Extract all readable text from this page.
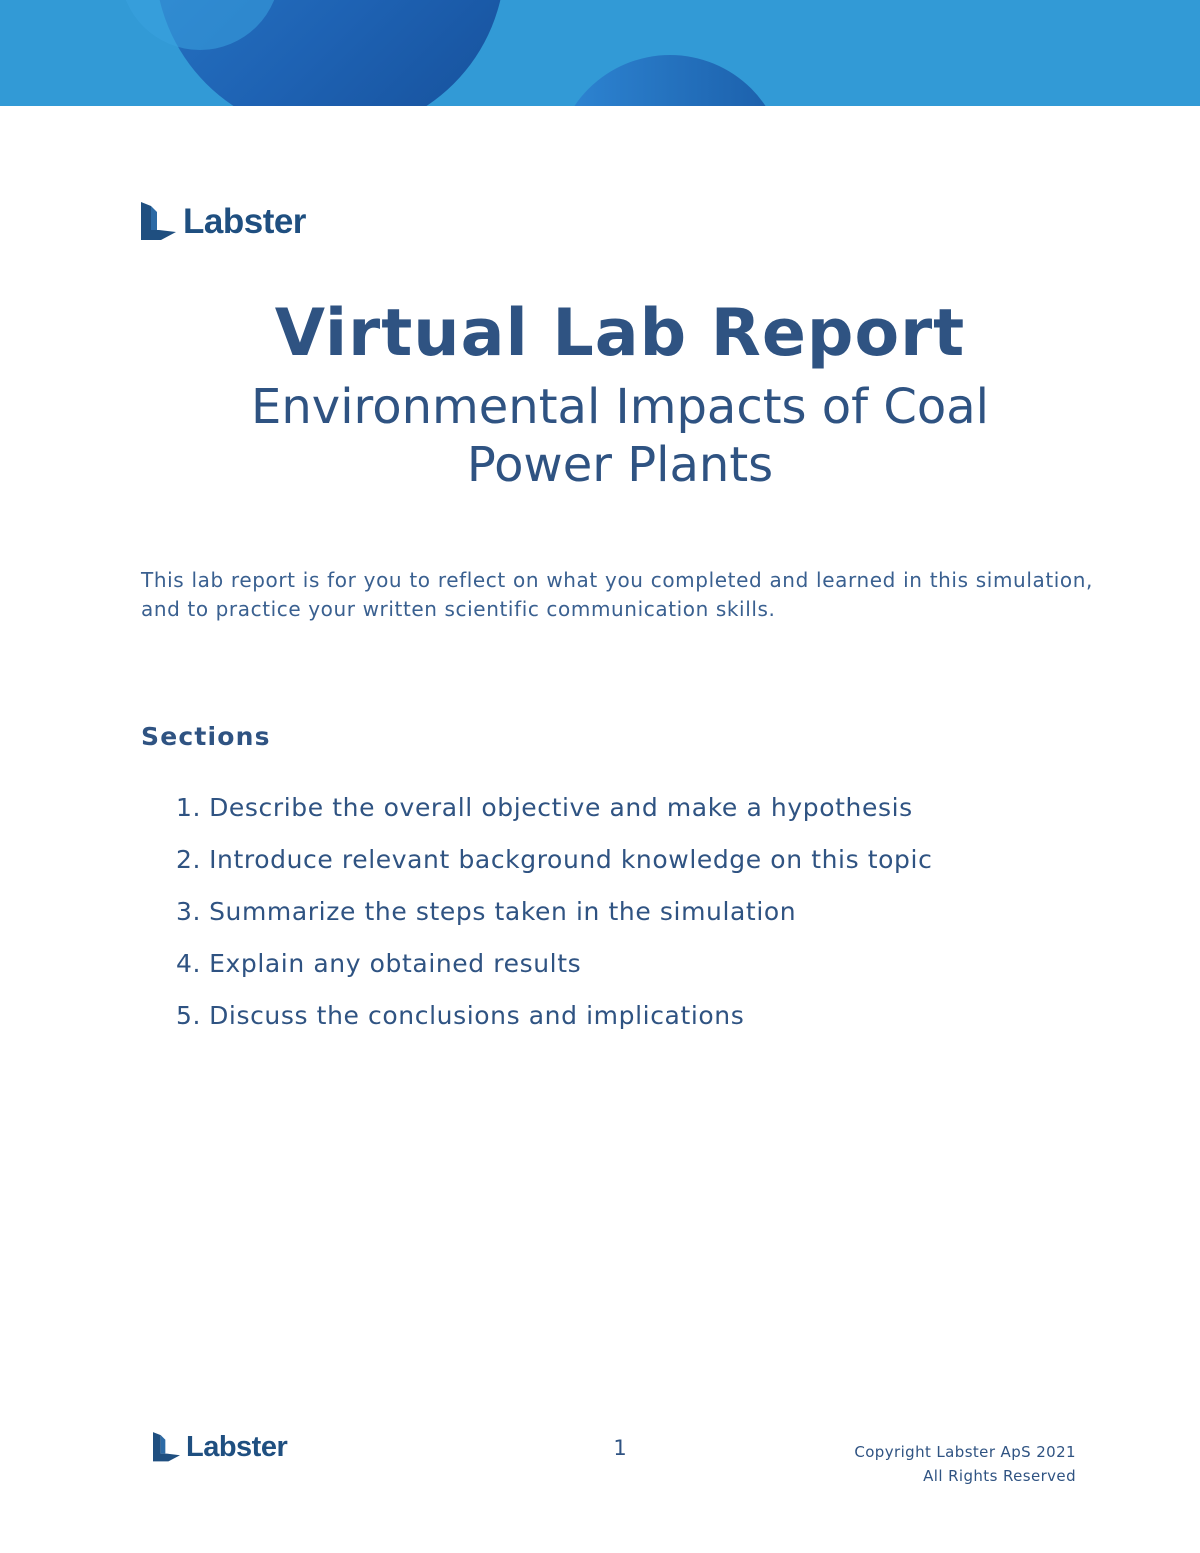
Labster
Virtual Lab Report
Environmental Impacts of Coal Power Plants

This lab report is for you to reflect on what you completed and learned in this simulation, and to practice your written scientific communication skills.

Sections
1. Describe the overall objective and make a hypothesis
2. Introduce relevant background knowledge on this topic
3. Summarize the steps taken in the simulation
4. Explain any obtained results
5. Discuss the conclusions and implications
Labster	1	Copyright Labster ApS 2021
All Rights Reserved
